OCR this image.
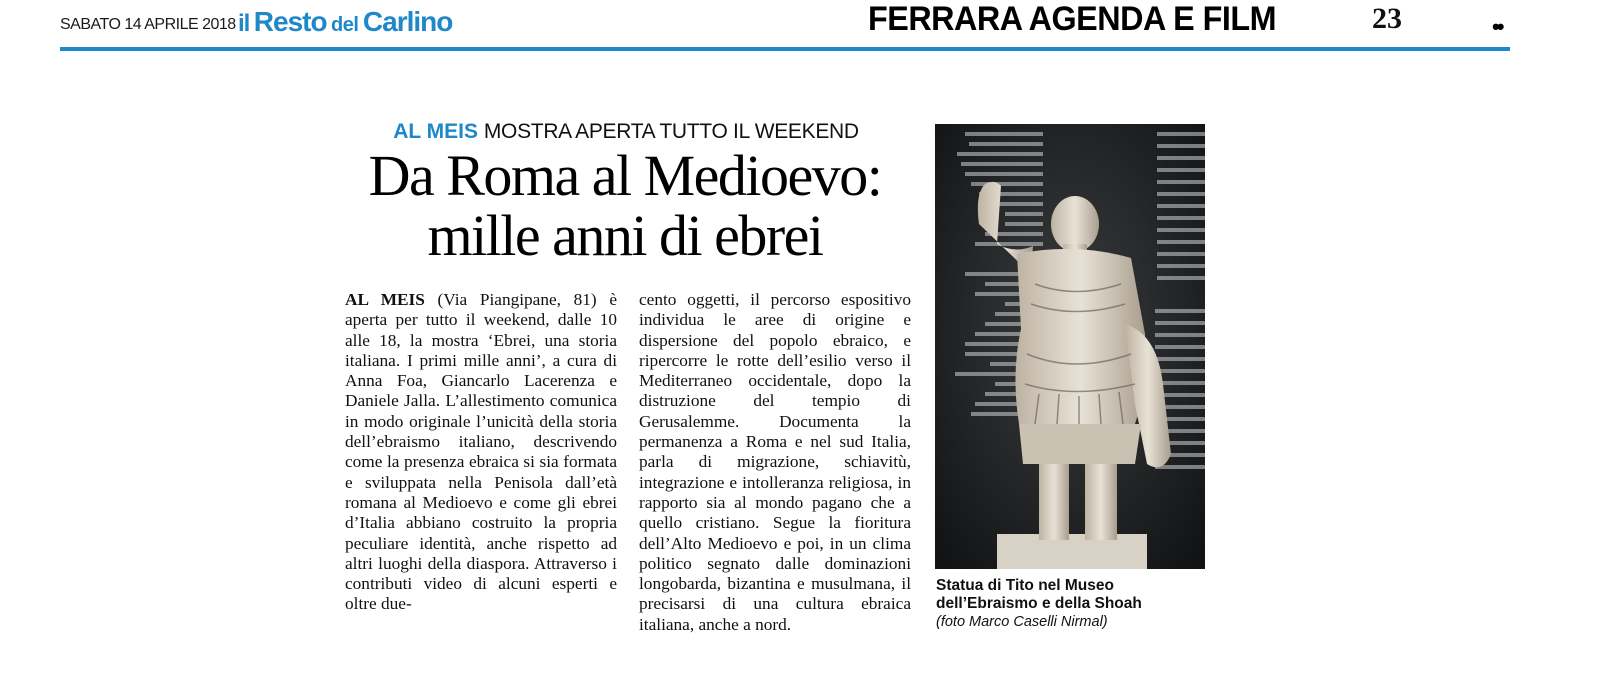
SABATO 14 APRILE 2018 il Resto del Carlino	FERRARA AGENDA E FILM	23	••
AL MEIS MOSTRA APERTA TUTTO IL WEEKEND
Da Roma al Medioevo:
mille anni di ebrei

AL MEIS (Via Piangipane, 81) è aperta per tutto il weekend, dalle 10 alle 18, la mostra ‘Ebrei, una storia italiana. I primi mille anni’, a cura di Anna Foa, Giancarlo Lacerenza e Daniele Jalla. L’allestimento comunica in modo originale l’unicità della storia dell’ebraismo italiano, descrivendo come la presenza ebraica si sia formata e sviluppata nella Penisola dall’età romana al Medioevo e come gli ebrei d’Italia abbiano costruito la propria peculiare identità, anche rispetto ad altri luoghi della diaspora. Attraverso i contributi video di alcuni esperti e oltre due-

cento oggetti, il percorso espositivo individua le aree di origine e dispersione del popolo ebraico, e ripercorre le rotte dell’esilio verso il Mediterraneo occidentale, dopo la distruzione del tempio di Gerusalemme. Documenta la permanenza a Roma e nel sud Italia, parla di migrazione, schiavitù, integrazione e intolleranza religiosa, in rapporto sia al mondo pagano che a quello cristiano. Segue la fioritura dell’Alto Medioevo e poi, in un clima politico segnato dalle dominazioni longobarda, bizantina e musulmana, il precisarsi di una cultura ebraica italiana, anche a nord.

Statua di Tito nel Museo
dell’Ebraismo e della Shoah
(foto Marco Caselli Nirmal)
